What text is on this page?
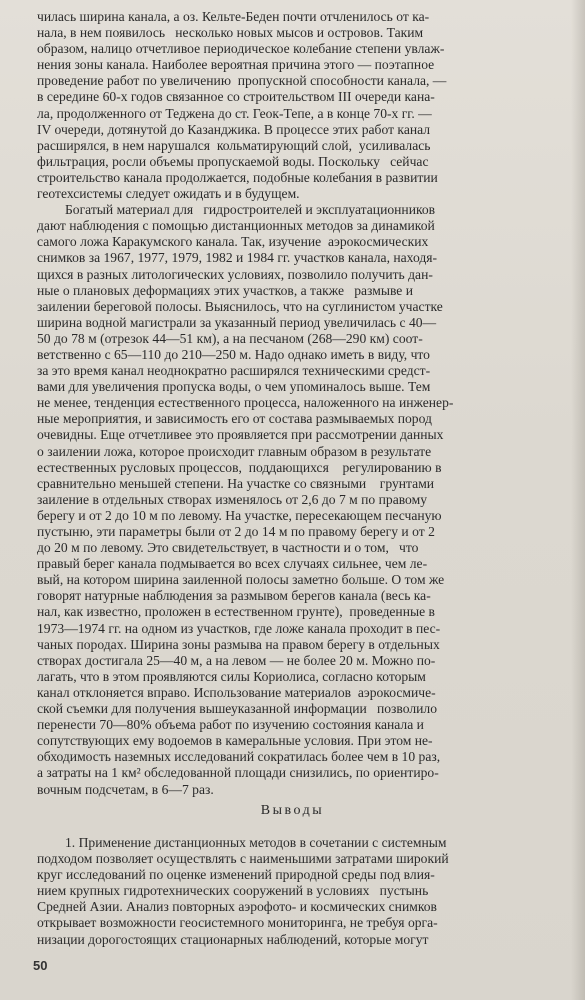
чилась ширина канала, а оз. Кельте-Беден почти отчленилось от ка-
нала, в нем появилось   несколько новых мысов и островов. Таким
образом, налицо отчетливое периодическое колебание степени увлаж-
нения зоны канала. Наиболее вероятная причина этого — поэтапное
проведение работ по увеличению  пропускной способности канала, —
в середине 60-х годов связанное со строительством III очереди кана-
ла, продолженного от Теджена до ст. Геок-Тепе, а в конце 70-х гг. —
IV очереди, дотянутой до Казанджика. В процессе этих работ канал
расширялся, в нем нарушался  кольматирующий слой,  усиливалась
фильтрация, росли объемы пропускаемой воды. Поскольку   сейчас
строительство канала продолжается, подобные колебания в развитии
геотехсистемы следует ожидать и в будущем.
Богатый материал для   гидростроителей и эксплуатационников
дают наблюдения с помощью дистанционных методов за динамикой
самого ложа Каракумского канала. Так, изучение  аэрокосмических
снимков за 1967, 1977, 1979, 1982 и 1984 гг. участков канала, находя-
щихся в разных литологических условиях, позволило получить дан-
ные о плановых деформациях этих участков, а также   размыве и
заилении береговой полосы. Выяснилось, что на суглинистом участке
ширина водной магистрали за указанный период увеличилась с 40—
50 до 78 м (отрезок 44—51 км), а на песчаном (268—290 км) соот-
ветственно с 65—110 до 210—250 м. Надо однако иметь в виду, что
за это время канал неоднократно расширялся техническими средст-
вами для увеличения пропуска воды, о чем упоминалось выше. Тем
не менее, тенденция естественного процесса, наложенного на инженер-
ные мероприятия, и зависимость его от состава размываемых пород
очевидны. Еще отчетливее это проявляется при рассмотрении данных
о заилении ложа, которое происходит главным образом в результате
естественных русловых процессов,  поддающихся    регулированию в
сравнительно меньшей степени. На участке со связными    грунтами
заиление в отдельных створах изменялось от 2,6 до 7 м по правому
берегу и от 2 до 10 м по левому. На участке, пересекающем песчаную
пустыню, эти параметры были от 2 до 14 м по правому берегу и от 2
до 20 м по левому. Это свидетельствует, в частности и о том,   что
правый берег канала подмывается во всех случаях сильнее, чем ле-
вый, на котором ширина заиленной полосы заметно больше. О том же
говорят натурные наблюдения за размывом берегов канала (весь ка-
нал, как известно, проложен в естественном грунте),  проведенные в
1973—1974 гг. на одном из участков, где ложе канала проходит в пес-
чаных породах. Ширина зоны размыва на правом берегу в отдельных
створах достигала 25—40 м, а на левом — не более 20 м. Можно по-
лагать, что в этом проявляются силы Кориолиса, согласно которым
канал отклоняется вправо. Использование материалов  аэрокосмиче-
ской съемки для получения вышеуказанной информации   позволило
перенести 70—80% объема работ по изучению состояния канала и
сопутствующих ему водоемов в камеральные условия. При этом не-
обходимость наземных исследований сократилась более чем в 10 раз,
а затраты на 1 км² обследованной площади снизились, по ориентиро-
вочным подсчетам, в 6—7 раз.
Выводы
1. Применение дистанционных методов в сочетании с системным
подходом позволяет осуществлять с наименьшими затратами широкий
круг исследований по оценке изменений природной среды под влия-
нием крупных гидротехнических сооружений в условиях   пустынь
Средней Азии. Анализ повторных аэрофото- и космических снимков
открывает возможности геосистемного мониторинга, не требуя орга-
низации дорогостоящих стационарных наблюдений, которые могут
50
